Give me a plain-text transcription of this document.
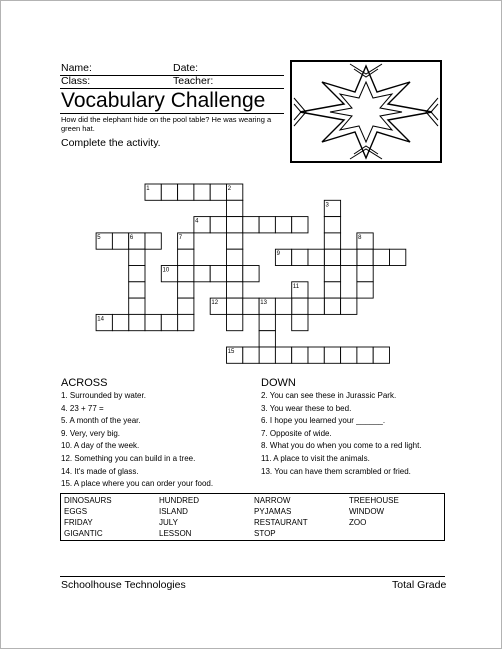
Name:	Date:
Class:	Teacher:
Vocabulary Challenge
How did the elephant hide on the pool table? He was wearing a green hat.
Complete the activity.
1	2
3
4
5	6	7	8
9
10
11
12	13
14
15
ACROSS	DOWN
DINOSAURS	HUNDRED	NARROW	TREEHOUSE
EGGS	ISLAND	PYJAMAS	WINDOW
FRIDAY	JULY	RESTAURANT	ZOO
GIGANTIC	LESSON	STOP
Schoolhouse Technologies	Total Grade
1. Surrounded by water.
4. 23 + 77 =
5. A month of the year.
9. Very, very big.
10. A day of the week.
12. Something you can build in a tree.
14. It's made of glass.
15. A place where you can order your food.
2. You can see these in Jurassic Park.
3. You wear these to bed.
6. I hope you learned your ______.
7. Opposite of wide.
8. What you do when you come to a red light.
11. A place to visit the animals.
13. You can have them scrambled or fried.
